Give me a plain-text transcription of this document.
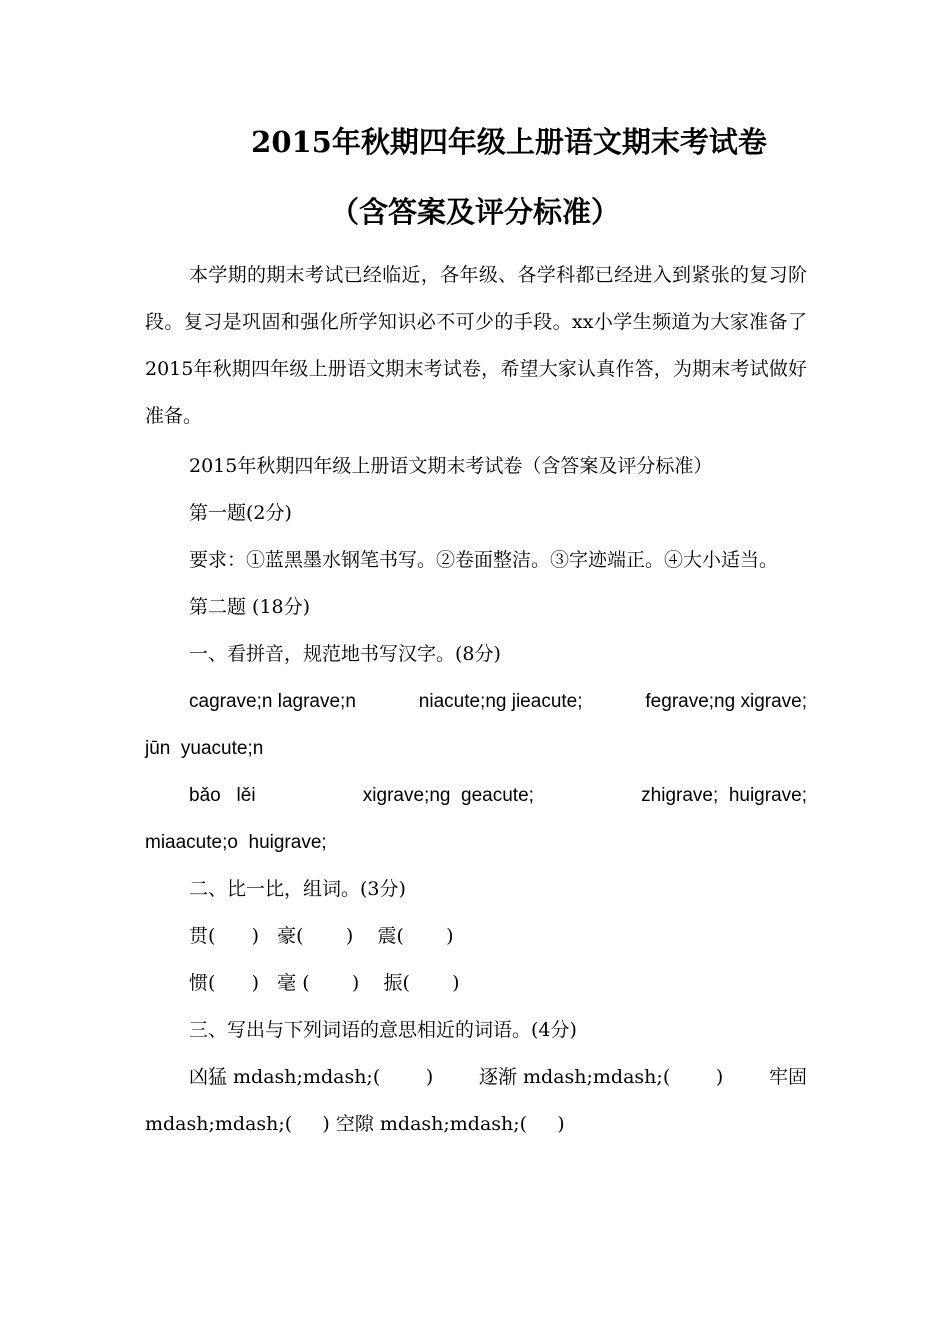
2015年秋期四年级上册语文期末考试卷
（含答案及评分标准）

本学期的期末考试已经临近，各年级、各学科都已经进入到紧张的复习阶段。复习是巩固和强化所学知识必不可少的手段。xx小学生频道为大家准备了2015年秋期四年级上册语文期末考试卷，希望大家认真作答，为期末考试做好准备。

2015年秋期四年级上册语文期末考试卷（含答案及评分标准）

第一题(2分)

要求：①蓝黑墨水钢笔书写。②卷面整洁。③字迹端正。④大小适当。

第二题 (18分)

一、看拼音，规范地书写汉字。(8分)

cagrave;n lagrave;n	niacute;ng jieacute;	fegrave;ng xigrave;
jūn  yuacute;n
bǎo   lěi	xigrave;ng  geacute;	zhigrave;  huigrave;
miaacute;o  huigrave;

二、比一比，组词。(3分)

贯(      )   豪(       )    震(       )
惯(      )   毫 (       )    振(       )

三、写出与下列词语的意思相近的词语。(4分)

凶猛 mdash;mdash;( ) 逐渐 mdash;mdash;( ) 牢固
mdash;mdash;(     ) 空隙 mdash;mdash;(     )
